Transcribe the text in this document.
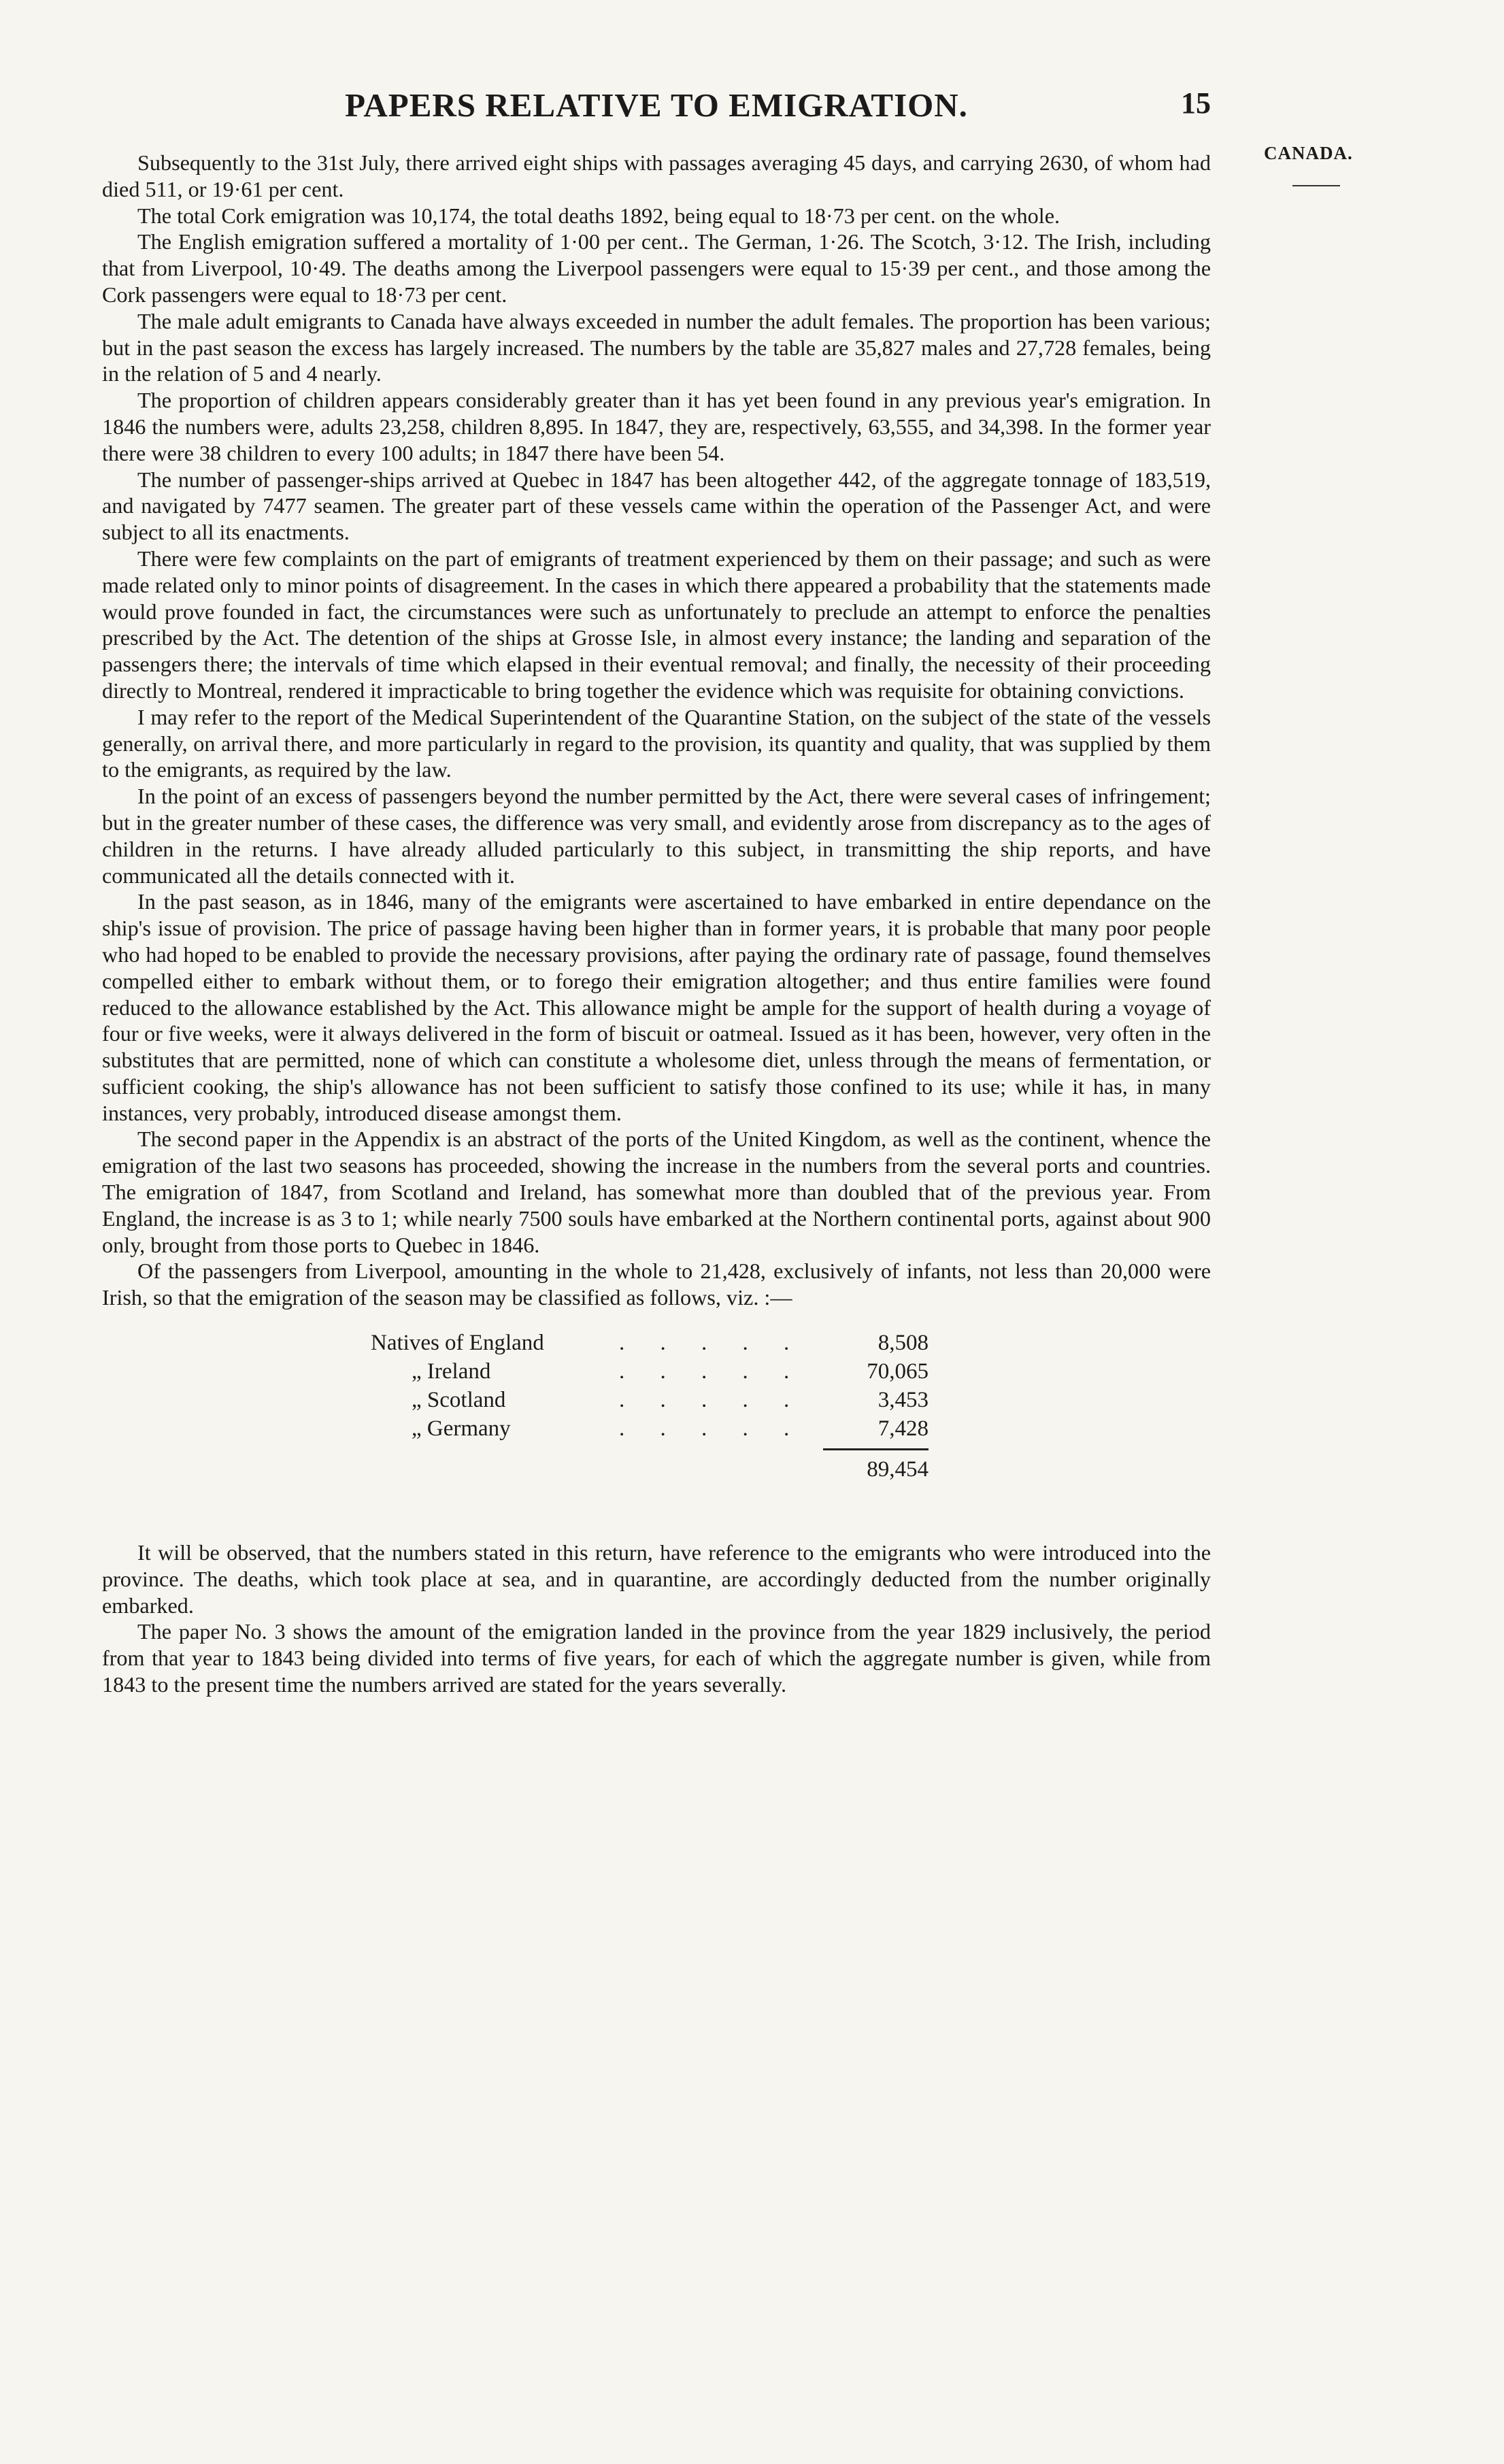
PAPERS RELATIVE TO EMIGRATION.	15

Subsequently to the 31st July, there arrived eight ships with passages averaging 45 days, and carrying 2630, of whom had died 511, or 19·61 per cent.

The total Cork emigration was 10,174, the total deaths 1892, being equal to 18·73 per cent. on the whole.

The English emigration suffered a mortality of 1·00 per cent.. The German, 1·26. The Scotch, 3·12. The Irish, including that from Liverpool, 10·49. The deaths among the Liverpool passengers were equal to 15·39 per cent., and those among the Cork passengers were equal to 18·73 per cent.

The male adult emigrants to Canada have always exceeded in number the adult females. The proportion has been various; but in the past season the excess has largely increased. The numbers by the table are 35,827 males and 27,728 females, being in the relation of 5 and 4 nearly.

The proportion of children appears considerably greater than it has yet been found in any previous year's emigration. In 1846 the numbers were, adults 23,258, children 8,895. In 1847, they are, respectively, 63,555, and 34,398. In the former year there were 38 children to every 100 adults; in 1847 there have been 54.

The number of passenger-ships arrived at Quebec in 1847 has been altogether 442, of the aggregate tonnage of 183,519, and navigated by 7477 seamen. The greater part of these vessels came within the operation of the Passenger Act, and were subject to all its enactments.

There were few complaints on the part of emigrants of treatment experienced by them on their passage; and such as were made related only to minor points of disagreement. In the cases in which there appeared a probability that the statements made would prove founded in fact, the circumstances were such as unfortunately to preclude an attempt to enforce the penalties prescribed by the Act. The detention of the ships at Grosse Isle, in almost every instance; the landing and separation of the passengers there; the intervals of time which elapsed in their eventual removal; and finally, the necessity of their proceeding directly to Montreal, rendered it impracticable to bring together the evidence which was requisite for obtaining convictions.

I may refer to the report of the Medical Superintendent of the Quarantine Station, on the subject of the state of the vessels generally, on arrival there, and more particularly in regard to the provision, its quantity and quality, that was supplied by them to the emigrants, as required by the law.

In the point of an excess of passengers beyond the number permitted by the Act, there were several cases of infringement; but in the greater number of these cases, the difference was very small, and evidently arose from discrepancy as to the ages of children in the returns. I have already alluded particularly to this subject, in transmitting the ship reports, and have communicated all the details connected with it.

In the past season, as in 1846, many of the emigrants were ascertained to have embarked in entire dependance on the ship's issue of provision. The price of passage having been higher than in former years, it is probable that many poor people who had hoped to be enabled to provide the necessary provisions, after paying the ordinary rate of passage, found themselves compelled either to embark without them, or to forego their emigration altogether; and thus entire families were found reduced to the allowance established by the Act. This allowance might be ample for the support of health during a voyage of four or five weeks, were it always delivered in the form of biscuit or oatmeal. Issued as it has been, however, very often in the substitutes that are permitted, none of which can constitute a wholesome diet, unless through the means of fermentation, or sufficient cooking, the ship's allowance has not been sufficient to satisfy those confined to its use; while it has, in many instances, very probably, introduced disease amongst them.

The second paper in the Appendix is an abstract of the ports of the United Kingdom, as well as the continent, whence the emigration of the last two seasons has proceeded, showing the increase in the numbers from the several ports and countries. The emigration of 1847, from Scotland and Ireland, has somewhat more than doubled that of the previous year. From England, the increase is as 3 to 1; while nearly 7500 souls have embarked at the Northern continental ports, against about 900 only, brought from those ports to Quebec in 1846.

Of the passengers from Liverpool, amounting in the whole to 21,428, exclusively of infants, not less than 20,000 were Irish, so that the emigration of the season may be classified as follows, viz. :—

Natives of England	. . . . .	8,508
„ Ireland	. . . . .	70,065
„ Scotland	. . . . .	3,453
„ Germany	. . . . .	7,428
89,454

It will be observed, that the numbers stated in this return, have reference to the emigrants who were introduced into the province. The deaths, which took place at sea, and in quarantine, are accordingly deducted from the number originally embarked.

The paper No. 3 shows the amount of the emigration landed in the province from the year 1829 inclusively, the period from that year to 1843 being divided into terms of five years, for each of which the aggregate number is given, while from 1843 to the present time the numbers arrived are stated for the years severally.

CANADA.
